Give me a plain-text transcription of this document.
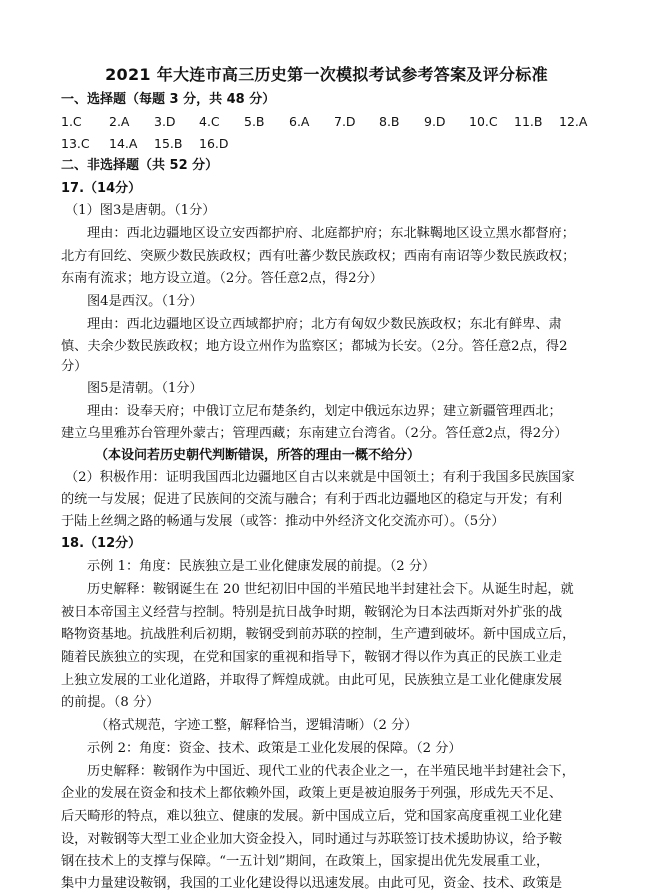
2021 年大连市高三历史第一次模拟考试参考答案及评分标准
一、选择题（每题 3 分，共 48 分）
1.C 2.A 3.D 4.C 5.B 6.A 7.D 8.B 9.D 10.C 11.B 12.A
13.C 14.A 15.B 16.D
二、非选择题（共 52 分）
17.（14分）
（1）图3是唐朝。（1分）
理由：西北边疆地区设立安西都护府、北庭都护府；东北靺鞨地区设立黑水都督府；
北方有回纥、突厥少数民族政权；西有吐蕃少数民族政权；西南有南诏等少数民族政权；
东南有流求；地方设立道。（2分。答任意2点，得2分）
图4是西汉。（1分）
理由：西北边疆地区设立西域都护府；北方有匈奴少数民族政权；东北有鲜卑、肃
慎、夫余少数民族政权；地方设立州作为监察区；都城为长安。（2分。答任意2点，得2
分）
图5是清朝。（1分）
理由：设奉天府；中俄订立尼布楚条约，划定中俄远东边界；建立新疆管理西北；
建立乌里雅苏台管理外蒙古；管理西藏；东南建立台湾省。（2分。答任意2点，得2分）
（本设问若历史朝代判断错误，所答的理由一概不给分）
（2）积极作用：证明我国西北边疆地区自古以来就是中国领土；有利于我国多民族国家
的统一与发展；促进了民族间的交流与融合；有利于西北边疆地区的稳定与开发；有利
于陆上丝绸之路的畅通与发展（或答：推动中外经济文化交流亦可）。（5分）
18.（12分）
示例 1：角度：民族独立是工业化健康发展的前提。（2 分）
历史解释：鞍钢诞生在 20 世纪初旧中国的半殖民地半封建社会下。从诞生时起，就
被日本帝国主义经营与控制。特别是抗日战争时期，鞍钢沦为日本法西斯对外扩张的战
略物资基地。抗战胜利后初期，鞍钢受到前苏联的控制，生产遭到破坏。新中国成立后，
随着民族独立的实现，在党和国家的重视和指导下，鞍钢才得以作为真正的民族工业走
上独立发展的工业化道路，并取得了辉煌成就。由此可见，民族独立是工业化健康发展
的前提。（8 分）
（格式规范，字迹工整，解释恰当，逻辑清晰）（2 分）
示例 2：角度：资金、技术、政策是工业化发展的保障。（2 分）
历史解释：鞍钢作为中国近、现代工业的代表企业之一，在半殖民地半封建社会下，
企业的发展在资金和技术上都依赖外国，政策上更是被迫服务于列强，形成先天不足、
后天畸形的特点，难以独立、健康的发展。新中国成立后，党和国家高度重视工业化建
设，对鞍钢等大型工业企业加大资金投入，同时通过与苏联签订技术援助协议，给予鞍
钢在技术上的支撑与保障。“一五计划”期间，在政策上，国家提出优先发展重工业，
集中力量建设鞍钢，我国的工业化建设得以迅速发展。由此可见，资金、技术、政策是
